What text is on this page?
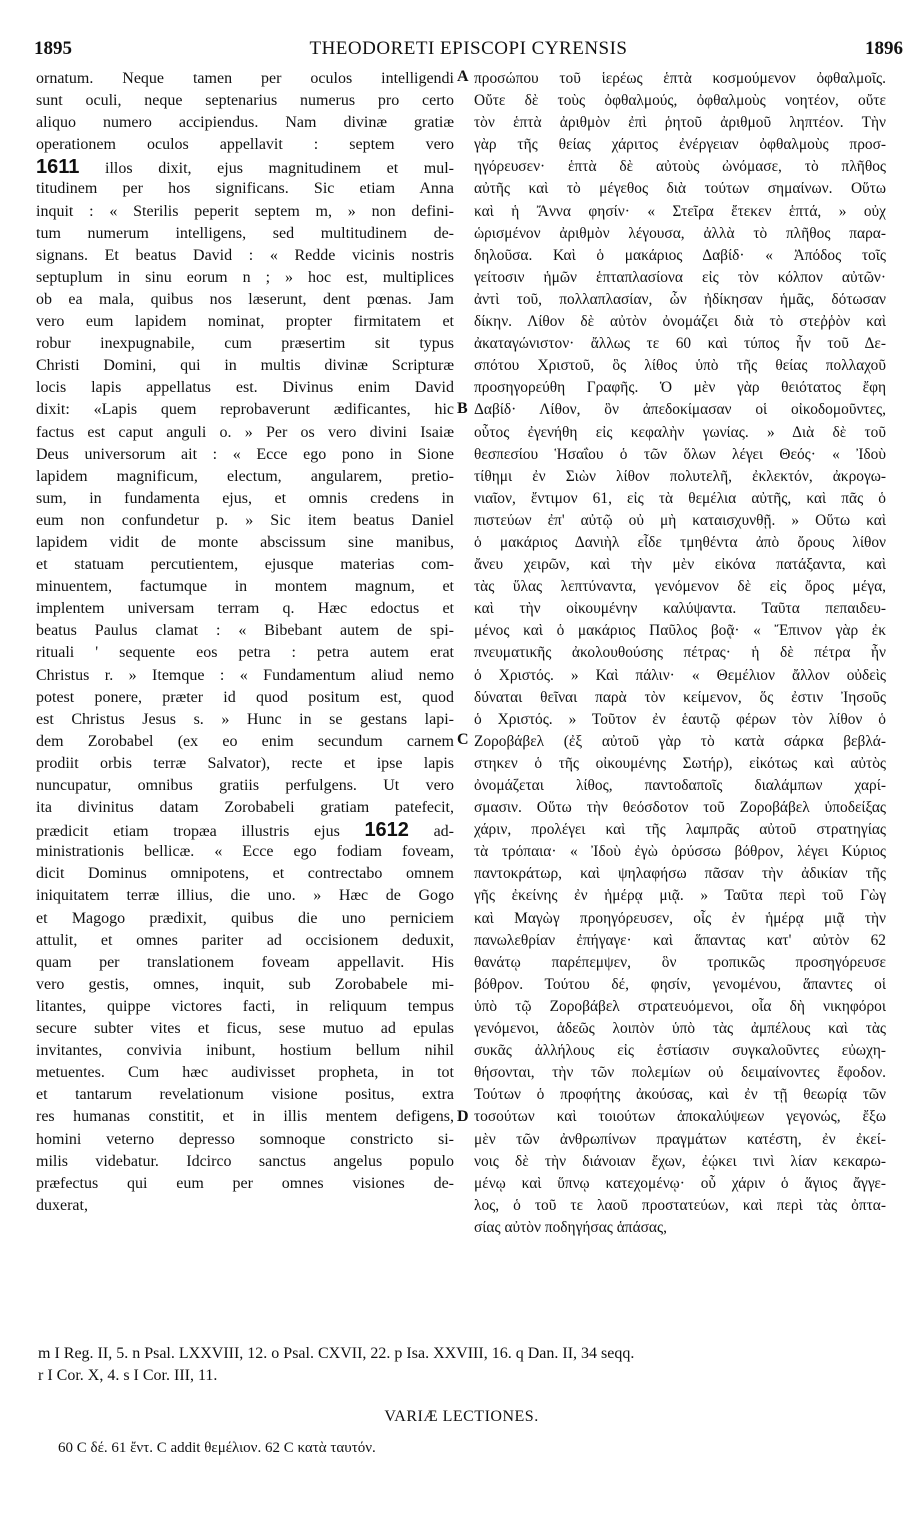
1895	THEODORETI EPISCOPI CYRENSIS	1896
ornatum. Neque tamen per oculos intelligendi
sunt oculi, neque septenarius numerus pro certo
aliquo numero accipiendus. Nam divinæ gratiæ
operationem oculos appellavit : septem vero
1611 illos dixit, ejus magnitudinem et mul-
titudinem per hos significans. Sic etiam Anna
inquit : « Sterilis peperit septem m, » non defini-
tum numerum intelligens, sed multitudinem de-
signans. Et beatus David : « Redde vicinis nostris
septuplum in sinu eorum n ; » hoc est, multiplices
ob ea mala, quibus nos læserunt, dent pœnas. Jam
vero eum lapidem nominat, propter firmitatem et
robur inexpugnabile, cum præsertim sit typus
Christi Domini, qui in multis divinæ Scripturæ
locis lapis appellatus est. Divinus enim David
dixit: «Lapis quem reprobaverunt ædificantes, hic
factus est caput anguli o. » Per os vero divini Isaiæ
Deus universorum ait : « Ecce ego pono in Sione
lapidem magnificum, electum, angularem, pretio-
sum, in fundamenta ejus, et omnis credens in
eum non confundetur p. » Sic item beatus Daniel
lapidem vidit de monte abscissum sine manibus,
et statuam percutientem, ejusque materias com-
minuentem, factumque in montem magnum, et
implentem universam terram q. Hæc edoctus et
beatus Paulus clamat : « Bibebant autem de spi-
rituali ' sequente eos petra : petra autem erat
Christus r. » Itemque : « Fundamentum aliud nemo
potest ponere, præter id quod positum est, quod
est Christus Jesus s. » Hunc in se gestans lapi-
dem Zorobabel (ex eo enim secundum carnem
prodiit orbis terræ Salvator), recte et ipse lapis
nuncupatur, omnibus gratiis perfulgens. Ut vero
ita divinitus datam Zorobabeli gratiam patefecit,
prædicit etiam tropæa illustris ejus 1612 ad-
ministrationis bellicæ. « Ecce ego fodiam foveam,
dicit Dominus omnipotens, et contrectabo omnem
iniquitatem terræ illius, die uno. » Hæc de Gogo
et Magogo prædixit, quibus die uno perniciem
attulit, et omnes pariter ad occisionem deduxit,
quam per translationem foveam appellavit. His
vero gestis, omnes, inquit, sub Zorobabele mi-
litantes, quippe victores facti, in reliquum tempus
secure subter vites et ficus, sese mutuo ad epulas
invitantes, convivia inibunt, hostium bellum nihil
metuentes. Cum hæc audivisset propheta, in tot
et tantarum revelationum visione positus, extra
res humanas constitit, et in illis mentem defigens,
homini veterno depresso somnoque constricto si-
milis videbatur. Idcirco sanctus angelus populo
præfectus qui eum per omnes visiones de-
duxerat,
προσώπου τοῦ ἱερέως ἑπτὰ κοσμούμενον ὀφθαλμοῖς.
Οὔτε δὲ τοὺς ὀφθαλμούς, ὀφθαλμοὺς νοητέον, οὔτε
τὸν ἑπτὰ ἀριθμὸν ἐπὶ ῥητοῦ ἀριθμοῦ ληπτέον. Τὴν
γὰρ τῆς θείας χάριτος ἐνέργειαν ὀφθαλμοὺς προσ-
ηγόρευσεν· ἑπτὰ δὲ αὐτοὺς ὠνόμασε, τὸ πλῆθος
αὐτῆς καὶ τὸ μέγεθος διὰ τούτων σημαίνων. Οὕτω
καὶ ἡ Ἄννα φησίν· « Στεῖρα ἔτεκεν ἑπτά, » οὐχ
ὡρισμένον ἀριθμὸν λέγουσα, ἀλλὰ τὸ πλῆθος παρα-
δηλοῦσα. Καὶ ὁ μακάριος Δαβίδ· « Ἀπόδος τοῖς
γείτοσιν ἡμῶν ἑπταπλασίονα εἰς τὸν κόλπον αὐτῶν·
ἀντὶ τοῦ, πολλαπλασίαν, ὧν ἠδίκησαν ἡμᾶς, δότωσαν
δίκην. Λίθον δὲ αὐτὸν ὀνομάζει διὰ τὸ στεῤῥὸν καὶ
ἀκαταγώνιστον· ἄλλως τε 60 καὶ τύπος ἦν τοῦ Δε-
σπότου Χριστοῦ, ὃς λίθος ὑπὸ τῆς θείας πολλαχοῦ
προσηγορεύθη Γραφῆς. Ὁ μὲν γὰρ θειότατος ἔφη
Δαβίδ· Λίθον, ὃν ἀπεδοκίμασαν οἱ οἰκοδομοῦντες,
οὗτος ἐγενήθη εἰς κεφαλὴν γωνίας. » Διὰ δὲ τοῦ
θεσπεσίου Ἡσαΐου ὁ τῶν ὅλων λέγει Θεός· « Ἰδοὺ
τίθημι ἐν Σιὼν λίθον πολυτελῆ, ἐκλεκτόν, ἀκρογω-
νιαῖον, ἔντιμον 61, εἰς τὰ θεμέλια αὐτῆς, καὶ πᾶς ὁ
πιστεύων ἐπ' αὐτῷ οὐ μὴ καταισχυνθῇ. » Οὕτω καὶ
ὁ μακάριος Δανιὴλ εἶδε τμηθέντα ἀπὸ ὄρους λίθον
ἄνευ χειρῶν, καὶ τὴν μὲν εἰκόνα πατάξαντα, καὶ
τὰς ὕλας λεπτύναντα, γενόμενον δὲ εἰς ὄρος μέγα,
καὶ τὴν οἰκουμένην καλύψαντα. Ταῦτα πεπαιδευ-
μένος καὶ ὁ μακάριος Παῦλος βοᾷ· « Ἔπινον γὰρ ἐκ
πνευματικῆς ἀκολουθούσης πέτρας· ἡ δὲ πέτρα ἦν
ὁ Χριστός. » Καὶ πάλιν· « Θεμέλιον ἄλλον οὐδεὶς
δύναται θεῖναι παρὰ τὸν κείμενον, ὅς ἐστιν Ἰησοῦς
ὁ Χριστός. » Τοῦτον ἐν ἑαυτῷ φέρων τὸν λίθον ὁ
Ζοροβάβελ (ἐξ αὐτοῦ γὰρ τὸ κατὰ σάρκα βεβλά-
στηκεν ὁ τῆς οἰκουμένης Σωτήρ), εἰκότως καὶ αὐτὸς
ὀνομάζεται λίθος, παντοδαποῖς διαλάμπων χαρί-
σμασιν. Οὕτω τὴν θεόσδοτον τοῦ Ζοροβάβελ ὑποδείξας
χάριν, προλέγει καὶ τῆς λαμπρᾶς αὐτοῦ στρατηγίας
τὰ τρόπαια· « Ἰδοὺ ἐγὼ ὀρύσσω βόθρον, λέγει Κύριος
παντοκράτωρ, καὶ ψηλαφήσω πᾶσαν τὴν ἀδικίαν τῆς
γῆς ἐκείνης ἐν ἡμέρᾳ μιᾷ. » Ταῦτα περὶ τοῦ Γὼγ
καὶ Μαγὼγ προηγόρευσεν, οἷς ἐν ἡμέρᾳ μιᾷ τὴν
πανωλεθρίαν ἐπήγαγε· καὶ ἅπαντας κατ' αὐτὸν 62
θανάτῳ παρέπεμψεν, ὃν τροπικῶς προσηγόρευσε
βόθρον. Τούτου δέ, φησίν, γενομένου, ἅπαντες οἱ
ὑπὸ τῷ Ζοροβάβελ στρατευόμενοι, οἷα δὴ νικηφόροι
γενόμενοι, ἀδεῶς λοιπὸν ὑπὸ τὰς ἀμπέλους καὶ τὰς
συκᾶς ἀλλήλους εἰς ἑστίασιν συγκαλοῦντες εὐωχη-
θήσονται, τὴν τῶν πολεμίων οὐ δειμαίνοντες ἔφοδον.
Τούτων ὁ προφήτης ἀκούσας, καὶ ἐν τῇ θεωρίᾳ τῶν
τοσούτων καὶ τοιούτων ἀποκαλύψεων γεγονώς, ἔξω
μὲν τῶν ἀνθρωπίνων πραγμάτων κατέστη, ἐν ἐκεί-
νοις δὲ τὴν διάνοιαν ἔχων, ἐῴκει τινὶ λίαν κεκαρω-
μένῳ καὶ ὕπνῳ κατεχομένῳ· οὗ χάριν ὁ ἅγιος ἄγγε-
λος, ὁ τοῦ τε λαοῦ προστατεύων, καὶ περὶ τὰς ὀπτα-
σίας αὐτὸν ποδηγήσας ἁπάσας,
A
B
C
D
m I Reg. II, 5. n Psal. LXXVIII, 12. o Psal. CXVII, 22. p Isa. XXVIII, 16. q Dan. II, 34 seqq.
r I Cor. X, 4. s I Cor. III, 11.
VARIÆ LECTIONES.
60 C δέ. 61 ἔντ. C addit θεμέλιον. 62 C κατὰ ταυτόν.
